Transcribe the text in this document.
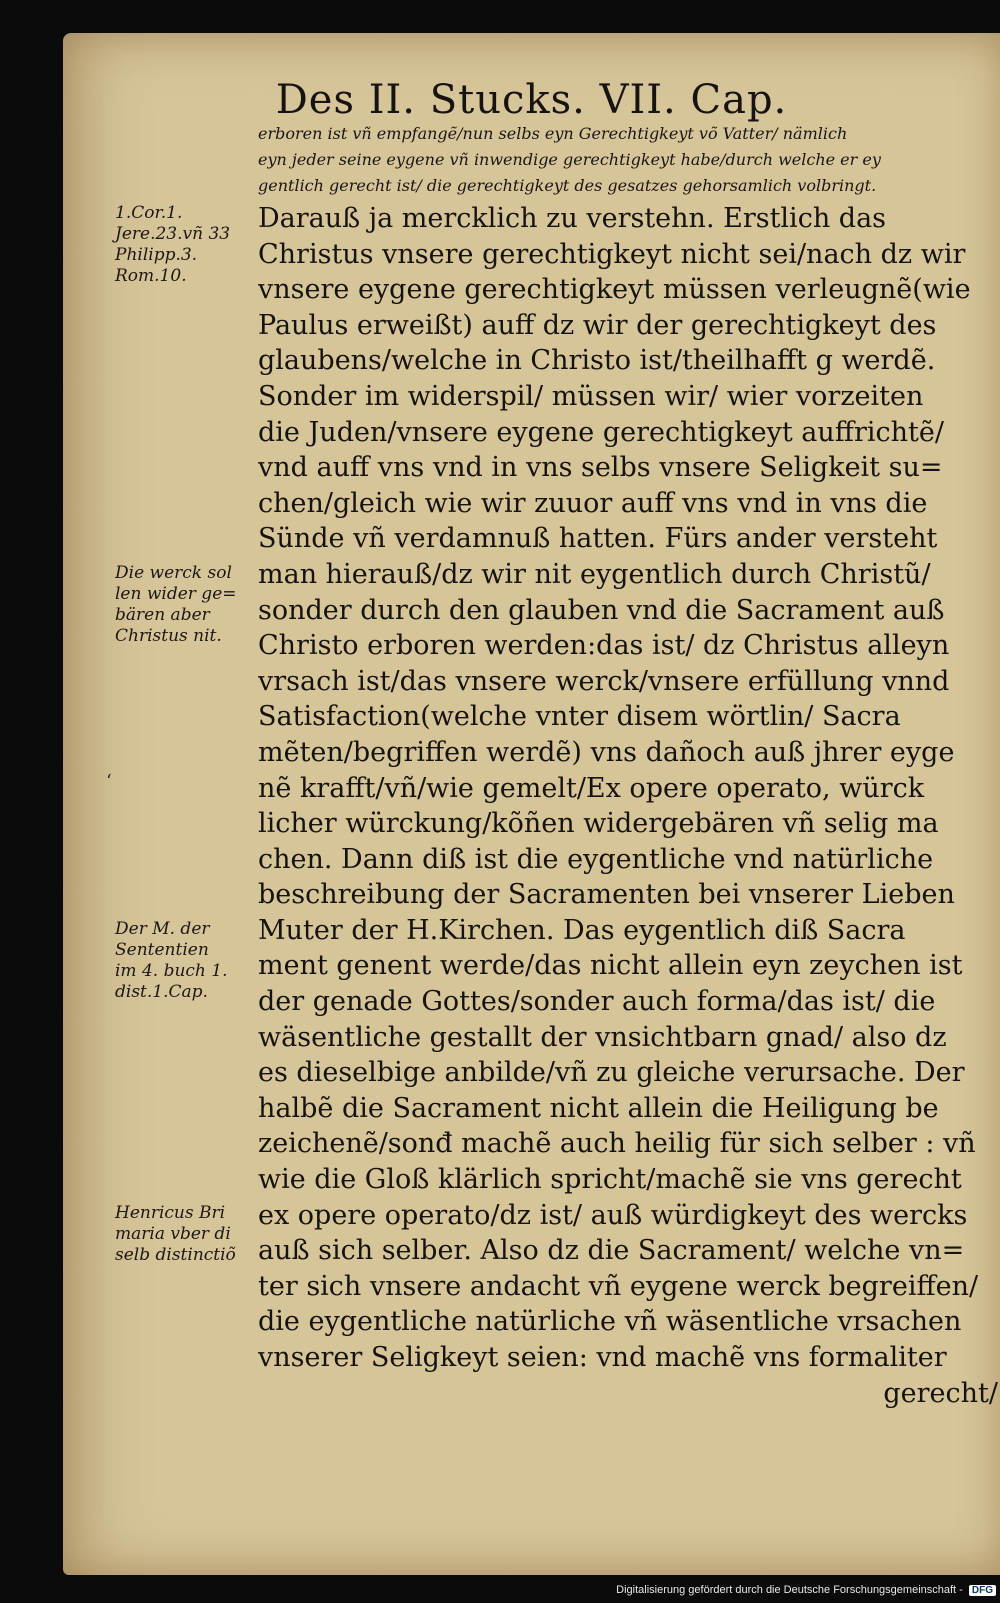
Des II. Stucks. VII. Cap.
erboren ist vñ empfangẽ/nun selbs eyn Gerechtigkeyt võ Vatter/ nämlich
eyn jeder seine eygene vñ inwendige gerechtigkeyt habe/durch welche er ey
gentlich gerecht ist/ die gerechtigkeyt des gesatzes gehorsamlich volbringt.
Darauß ja mercklich zu verstehn. Erstlich das
Christus vnsere gerechtigkeyt nicht sei/nach dz wir
vnsere eygene gerechtigkeyt müssen verleugnẽ(wie
Paulus erweißt) auff dz wir der gerechtigkeyt des
glaubens/welche in Christo ist/theilhafft g werdẽ.
Sonder im widerspil/ müssen wir/ wier vorzeiten
die Juden/vnsere eygene gerechtigkeyt auffrichtẽ/
vnd auff vns vnd in vns selbs vnsere Seligkeit su=
chen/gleich wie wir zuuor auff vns vnd in vns die
Sünde vñ verdamnuß hatten. Fürs ander versteht
man hierauß/dz wir nit eygentlich durch Christũ/
sonder durch den glauben vnd die Sacrament auß
Christo erboren werden:das ist/ dz Christus alleyn
vrsach ist/das vnsere werck/vnsere erfüllung vnnd
Satisfaction(welche vnter disem wörtlin/ Sacra
mẽten/begriffen werdẽ) vns dañoch auß jhrer eyge
nẽ krafft/vñ/wie gemelt/Ex opere operato, würck
licher würckung/kõñen widergebären vñ selig ma
chen. Dann diß ist die eygentliche vnd natürliche
beschreibung der Sacramenten bei vnserer Lieben
Muter der H.Kirchen. Das eygentlich diß Sacra
ment genent werde/das nicht allein eyn zeychen ist
der genade Gottes/sonder auch forma/das ist/ die
wäsentliche gestallt der vnsichtbarn gnad/ also dz
es dieselbige anbilde/vñ zu gleiche verursache. Der
halbẽ die Sacrament nicht allein die Heiligung be
zeichenẽ/sonđ machẽ auch heilig für sich selber : vñ
wie die Gloß klärlich spricht/machẽ sie vns gerecht
ex opere operato/dz ist/ auß würdigkeyt des wercks
auß sich selber. Also dz die Sacrament/ welche vn=
ter sich vnsere andacht vñ eygene werck begreiffen/
die eygentliche natürliche vñ wäsentliche vrsachen
vnserer Seligkeyt seien: vnd machẽ vns formaliter
gerecht/
1.Cor.1.
Jere.23.vñ 33
Philipp.3.
Rom.10.
Die werck sol
len wider ge=
bären aber
Christus nit.
Der M. der
Sententien
im 4. buch 1.
dist.1.Cap.
Henricus Bri
maria vber di
selb distinctiõ
ʻ
Digitalisierung gefördert durch die Deutsche Forschungsgemeinschaft - DFG
